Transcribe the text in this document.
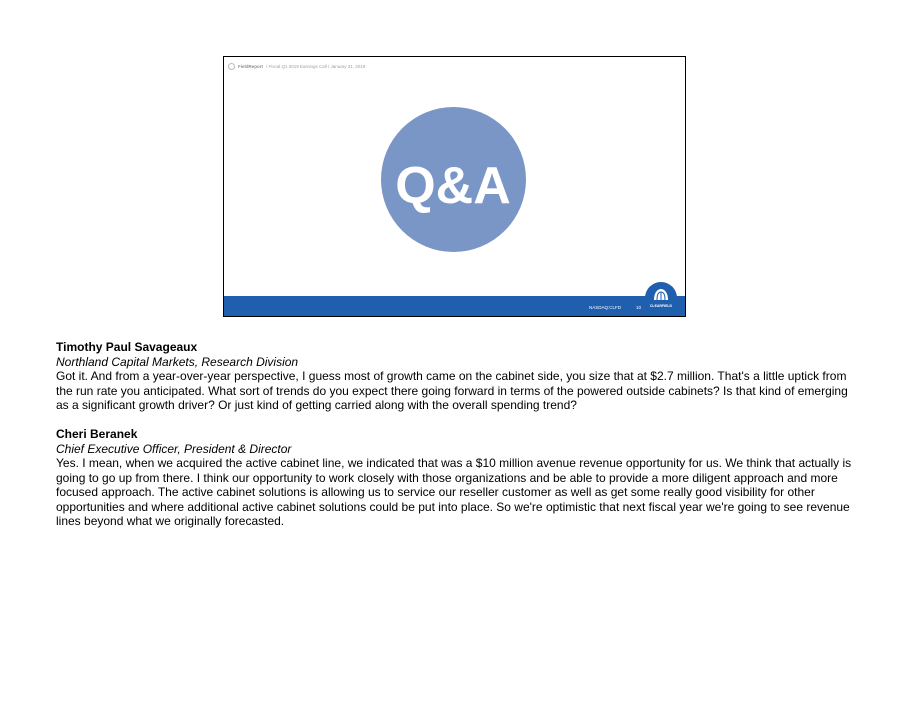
FieldReport / Fiscal Q1 2019 Earnings Call / January 31, 2019
Q&A
NASDAQ:CLFD	10	CLEARFIELD
Timothy Paul Savageaux
Northland Capital Markets, Research Division

Got it. And from a year-over-year perspective, I guess most of growth came on the cabinet side, you size that at $2.7 million. That's a little uptick from the run rate you anticipated. What sort of trends do you expect there going forward in terms of the powered outside cabinets? Is that kind of emerging as a significant growth driver? Or just kind of getting carried along with the overall spending trend?

Cheri Beranek
Chief Executive Officer, President & Director

Yes. I mean, when we acquired the active cabinet line, we indicated that was a $10 million avenue revenue opportunity for us. We think that actually is going to go up from there. I think our opportunity to work closely with those organizations and be able to provide a more diligent approach and more focused approach. The active cabinet solutions is allowing us to service our reseller customer as well as get some really good visibility for other opportunities and where additional active cabinet solutions could be put into place. So we're optimistic that next fiscal year we're going to see revenue lines beyond what we originally forecasted.
